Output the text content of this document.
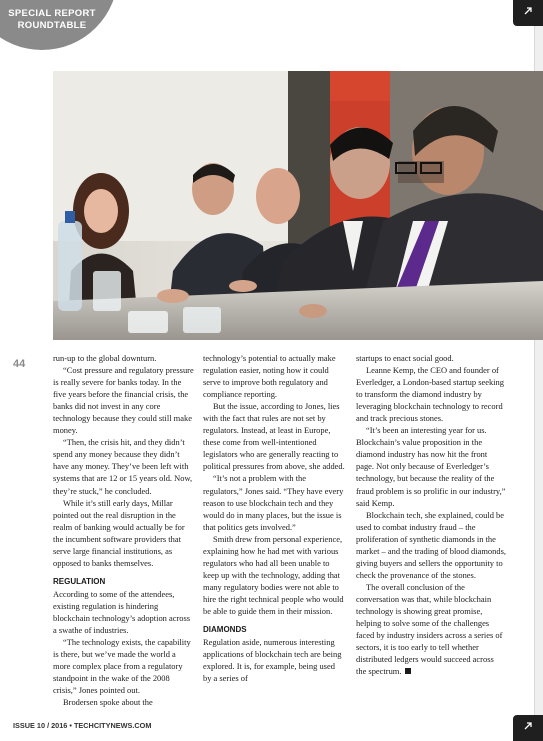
SPECIAL REPORT
ROUNDTABLE
44	run-up to the global downturn.

“Cost pressure and regulatory pressure is really severe for banks today. In the five years before the financial crisis, the banks did not invest in any core technology because they could still make money.

“Then, the crisis hit, and they didn’t spend any money because they didn’t have any money. They’ve been left with systems that are 12 or 15 years old. Now, they’re stuck,” he concluded.

While it’s still early days, Millar pointed out the real disruption in the realm of banking would actually be for the incumbent software providers that serve large financial institutions, as opposed to banks themselves.

REGULATION

According to some of the attendees, existing regulation is hindering blockchain technology’s adoption across a swathe of industries.

“The technology exists, the capability is there, but we’ve made the world a more complex place from a regulatory standpoint in the wake of the 2008 crisis,” Jones pointed out.

Brodersen spoke about the

technology’s potential to actually make regulation easier, noting how it could serve to improve both regulatory and compliance reporting.

But the issue, according to Jones, lies with the fact that rules are not set by regulators. Instead, at least in Europe, these come from well-intentioned legislators who are generally reacting to political pressures from above, she added.

“It’s not a problem with the regulators,” Jones said. “They have every reason to use blockchain tech and they would do in many places, but the issue is that politics gets involved.”

Smith drew from personal experience, explaining how he had met with various regulators who had all been unable to keep up with the technology, adding that many regulatory bodies were not able to hire the right technical people who would be able to guide them in their mission.

DIAMONDS

Regulation aside, numerous interesting applications of blockchain tech are being explored. It is, for example, being used by a series of

startups to enact social good.

Leanne Kemp, the CEO and founder of Everledger, a London-based startup seeking to transform the diamond industry by leveraging blockchain technology to record and track precious stones.

“It’s been an interesting year for us. Blockchain’s value proposition in the diamond industry has now hit the front page. Not only because of Everledger’s technology, but because the reality of the fraud problem is so prolific in our industry,” said Kemp.

Blockchain tech, she explained, could be used to combat industry fraud – the proliferation of synthetic diamonds in the market – and the trading of blood diamonds, giving buyers and sellers the opportunity to check the provenance of the stones.

The overall conclusion of the conversation was that, while blockchain technology is showing great promise, helping to solve some of the challenges faced by industry insiders across a series of sectors, it is too early to tell whether distributed ledgers would succeed across the spectrum.

ISSUE 10 / 2016 • TECHCITYNEWS.COM
